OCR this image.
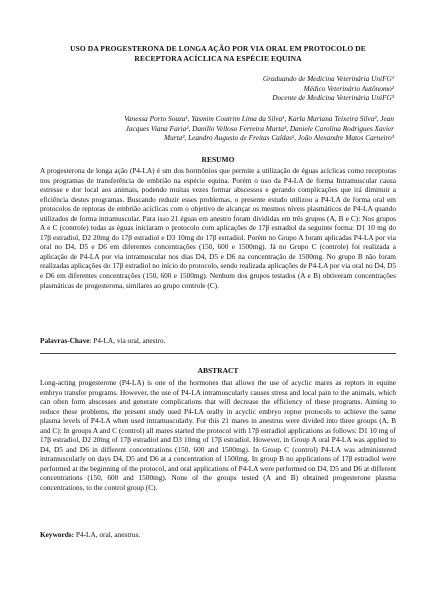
USO DA PROGESTERONA DE LONGA AÇÃO POR VIA ORAL EM PROTOCOLO DE
RECEPTORA ACÍCLICA NA ESPÉCIE EQUINA
Graduando de Medicina Veterinária UniFG¹
Médico Veterinário Autônomo²
Docente de Medicina Veterinária UniFG³
Vanessa Porto Souza¹, Yasmim Coutrim Lima da Silva¹, Karla Mariana Teixeira Silva², Jean
Jacques Viana Faria², Danillo Velloso Ferreira Murta³, Daniele Carolina Rodrigues Xavier
Murta³, Leandro Augusto de Freitas Caldas², João Alexandre Matos Carneiro³
RESUMO
A progesterona de longa ação (P4-LA) é um dos hormônios que permite a utilização de éguas acíclicas como receptoras nos programas de transferência de embrião na espécie equina. Porém o uso da P4-LA de forma Intramuscular causa estresse e dor local aos animais, podendo muitas vezes formar abscessos e gerando complicações que irá diminuir a eficiência destes programas. Buscando reduzir esses problemas, o presente estudo utilizou a P4-LA de forma oral em protocolos de reptoras de embrião acíclicas com o objetivo de alcançar os mesmos níveis plasmáticos de P4-LA quando utilizados de forma intramuscular. Para isso 21 éguas em anestro foram divididas em três grupos (A, B e C): Nos grupos A e C (controle) todas as éguas iniciaram o protocolo com aplicações de 17β estradiol da seguinte forma: D1 10 mg do 17β estradiol, D2 20mg do 17β estradiol e D3 10mg do 17β estradiol. Porém no Grupo A foram aplicadas P4-LA por via oral no D4, D5 e D6 em diferentes concentrações (150, 600 e 1500mg). Já no Grupo C (controle) foi realizada a aplicação de P4-LA por via intramuscular nos dias D4, D5 e D6 na concentração de 1500mg. No grupo B não foram realizadas aplicações do 17β estradiol no início do protocolo, sendo realizada aplicações de P4-LA por via oral no D4, D5 e D6 em diferentes concentrações (150, 600 e 1500mg). Nenhum dos grupos testados (A e B) obtiveram concentrações plasmáticas de progesterona, similares ao grupo controle (C).
Palavras-Chave: P4-LA, via oral, anestro.
ABSTRACT
Long-acting progesterone (P4-LA) is one of the hormones that allows the use of acyclic mares as reptors in equine embryo transfer programs. However, the use of P4-LA intramuscularly causes stress and local pain to the animals, which can often form abscesses and generate complications that will decrease the efficiency of these programs. Aiming to reduce these problems, the present study used P4-LA orally in acyclic embryo reptor protocols to achieve the same plasma levels of P4-LA when used intramuscularly. For this 21 mares in anestrus were divided into three groups (A, B and C): In groups A and C (control) all mares started the protocol with 17β estradiol applications as follows: D1 10 mg of 17β estradiol, D2 20mg of 17β estradiol and D3 10mg of 17β estradiol. However, in Group A oral P4-LA was applied to D4, D5 and D6 in different concentrations (150, 600 and 1500mg). In Group C (control) P4-LA was administered intramuscularly on days D4, D5 and D6 at a concentration of 1500mg. In group B no applications of 17β estradiol were performed at the beginning of the protocol, and oral applications of P4-LA were performed on D4, D5 and D6 at different concentrations (150, 600 and 1500mg). None of the groups tested (A and B) obtained progesterone plasma concentrations, to the control group (C).
Keywords: P4-LA, oral, anestrus.
